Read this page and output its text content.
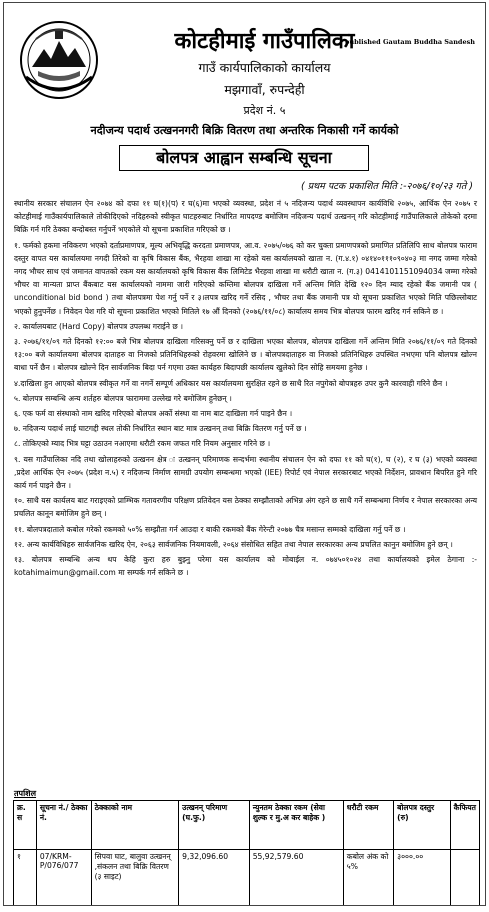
published Gautam Buddha Sandesh
कोटहीमाई गाउँपालिका
गाउँ कार्यपालिकाको कार्यालय
मझगावाँ, रुपन्देही
प्रदेश नं. ५
नदीजन्य पदार्थ उत्खननगरी बिक्रि वितरण तथा अन्तरिक निकासी गर्ने कार्यको
बोलपत्र आह्वान सम्बन्धि सूचना
( प्रथम पटक प्रकाशित मिति :-२०७६/१०/२३ गते )

स्थानीय सरकार संचालन ऐन २०७४ को दफा ११ घ(१)(प) र घ(६)मा भएको व्यवस्था, प्रदेश नं ५ नदिजन्य पदार्थ व्यवस्थापन कार्यविधि २०७५, आर्थिक ऐन २०७५ र कोटहीमाई गाउँकार्यपालिकाले तोकीदिएको नदिहरुको स्वीकृत घाटहरुबाट निर्धारित मापदण्ड बमोजिम नदिजन्य पदार्थ उत्खनन् गरि कोटहीमाई गाउँपालिकाले तोकेको दरमा बिक्रि गर्न गरि ठेक्का बन्दोबस्त गर्नुपर्ने भएकोले यो सूचना प्रकाशित गरिएको छ ।

१. फर्मको हकमा नविकरण भएको दर्ताप्रमाणपत्र, मूल्य अभिवृद्धि करदता प्रमाणपत्र, आ.व. २०७५/०७६ को कर चुक्ता प्रमाणपत्रको प्रमाणित प्रतिलिपि साथ बोलपत्र फाराम दस्तुर वापत यस कार्यालयमा नगदी तिरेको वा कृषि विकास बैंक, भैरहवा शाखा मा रहेको यस कार्यालयको खाता न. (ग.४.१) ०४१४०१११०९०४०३ मा नगद जम्मा गरेको नगद भौचर साथ एवं जमानत वापतको रकम यस कार्यालयको कृषि विकास बैंक लिमिटेड भैरहवा शाखा मा धरौटी खाता न. (ग.३) 0414101151094034 जम्मा गरेको भौचर वा मान्यता प्राप्त बैंकबाट यस कार्यालयको नाममा जारी गरिएको कम्तिमा बोलपत्र दाखिला गर्ने अन्तिम मिति देखि १२० दिन म्याद रहेको बैंक जमानी पत्र ( unconditional bid bond ) तथा बोलपत्रमा पेश गर्नु पर्ने र ३।लपत्र खरिद गर्ने रसिद , भौचर तथा बैंक जमानी पत्र यो सूचना प्रकाशित भएको मिति पछिल्लोबाट भएको हुनुपर्नेछ । निवेदन पेश गरि यो सूचना प्रकाशित भएको मितिले १७ औं दिनको (२०७६/११/०८) कार्यालय समय भित्र बोलपत्र फारम खरिद गर्न सकिने छ ।

२. कार्यालयबाट (Hard Copy) बोलपत्र उपलब्ध गराईने छ ।

३. २०७६/११/०९ गते दिनको १२:०० बजे भित्र बोलपत्र दाखिला गरिसक्नु पर्ने छ र दाखिला भएका बोलपत्र, बोलपत्र दाखिला गर्ने अन्तिम मिति २०७६/११/०९ गते दिनको १३:०० बजे कार्यालयमा बोलपत्र दाताहरु वा निजको प्रतिनिधिहरुको रोहवरमा खोलिने छ । बोलपत्रदाताहरु वा निजको प्रतिनिधिहरु उपस्थित नभएमा पनि बोलपत्र खोल्न बाधा पर्ने छैन । बोलपत्र खोल्ने दिन सार्वजनिक बिदा पर्न गएमा उक्त कार्यहरु बिदापछी कार्यालय खुलेको दिन सोहि समयमा हुनेछ ।

४.दाखिला हुन आएको बोलपत्र स्वीकृत गर्ने वा नगर्ने सम्पूर्ण अधिकार यस कार्यालयमा सुरक्षित रहने छ साथै रित नपुगेको बोपत्रहरु उपर कुनै कारवाही गरिने छैन ।

५. बोलपत्र सम्बन्धि अन्य शर्तहरु बोलपत्र फाराममा उल्लेख गरे बमोजिम हुनेछन् ।

६. एक फर्म वा संस्थाको नाम खरिद गरिएको बोलपत्र अर्को संस्था वा नाम बाट दाखिला गर्न पाइने छैन ।

७. नदिजन्य पदार्थ लाई घाटगद्दी स्थल तोकी निर्धारित स्थान बाट मात्र उत्खनन् तथा बिक्रि वितरण गर्नु पर्ने छ ।

८. तोकिएको म्याद भित्र घट्टा उठाउन नआएमा धरौटी रकम जफत गरि नियम अनुसार गरिने छ ।

९. यस गाउँपालिका नदि तथा खोलाहरुको उत्खनन क्षेत्र ः उत्खनन् परिमाणक सन्दर्भमा स्थानीय संचालन ऐन को दफा ११ को घ(१), घ (२), र घ (३) भएको व्यवस्था ,प्रदेश आर्थिक ऐन २०७५ (प्रदेश न.५) र नदिजन्य निर्माण सामग्री उपयोग सम्बन्धमा भएको (IEE) रिपोर्ट एवं नेपाल सरकारबाट भएको निर्देशन, प्रावधान बिपरित हुने गरि कार्य गर्न पाइने छैन ।

१०. साथै यस कार्यलय बाट गराइएको प्राम्भिक गतावरणीय परिक्षण प्रतिवेदन यस ठेक्का सम्झौताको अभिन्न अंग रहने छ साथै गर्ने सम्बन्धमा निर्णय र नेपाल सरकारका अन्य प्रचलित कानून बमोजिम हुने छन् ।

११. बोलपत्रदाताले कबोल गरेको रकमको ५०% सम्झौता गर्न आउदा र बाकी रकमको बैंक गेरेन्टी २०७७ चैत्र मसान्त सम्मको दाखिला गर्नु पर्ने छ ।

१२. अन्य कार्यविधिहरु सार्वजनिक खरिद ऐन, २०६३ सार्वजनिक नियमावली, २०६४ संसोधित सहित तथा नेपाल सरकारका अन्य प्रचलित कानुन बमोजिम हुने छन् ।

१३. बोलपत्र सम्बन्धि अन्य थप केहि कुरा हरु बुझ्नु परेमा यस कार्यालय को मोबाईल न. ०७४५०१०२४ तथा कार्यालयको इमेल ठेगाना :- kotahimaimun@gmail.com मा सम्पर्क गर्न सकिने छ ।

तपशिल
क्र. स	सूचना नं./ ठेक्का नं.	ठेक्काको नाम	उत्खनन् परिमाण (घ.फु.)	न्युनतम ठेक्का रकम (सेवा शुल्क र मु.अ कर बाहेक )	धरौटी रकम	बोलपत्र दस्तुर (रु)	कैफियत
१	07/KRM-P/076/077	सिपवा घाट, बालुवा उत्खनन् ,संकलन तथा बिक्रि वितरण (३ साइट)	9,32,096.60	55,92,579.60	कबोल अंक को ५%	३०००.००	
